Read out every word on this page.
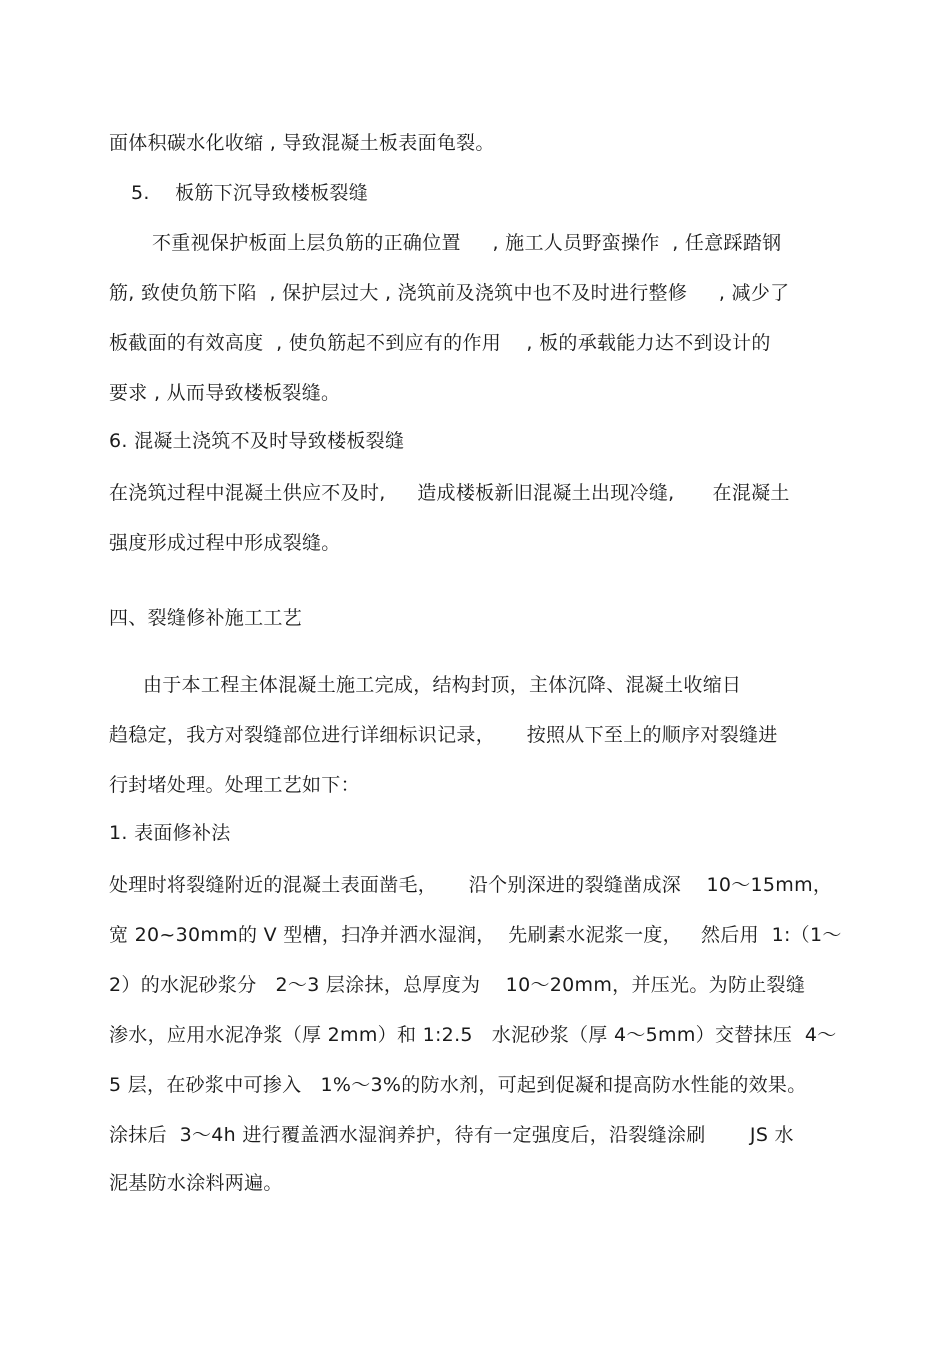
面体积碳水化收缩 , 导致混凝土板表面龟裂。
5.    板筋下沉导致楼板裂缝
不重视保护板面上层负筋的正确位置     , 施工人员野蛮操作  , 任意踩踏钢
筋, 致使负筋下陷  , 保护层过大 , 浇筑前及浇筑中也不及时进行整修     , 减少了
板截面的有效高度  , 使负筋起不到应有的作用    , 板的承载能力达不到设计的
要求 , 从而导致楼板裂缝。
6. 混凝土浇筑不及时导致楼板裂缝
在浇筑过程中混凝土供应不及时,     造成楼板新旧混凝土出现冷缝,      在混凝土
强度形成过程中形成裂缝。
四、裂缝修补施工工艺
由于本工程主体混凝土施工完成，结构封顶，主体沉降、混凝土收缩日
趋稳定，我方对裂缝部位进行详细标识记录，     按照从下至上的顺序对裂缝进
行封堵处理。处理工艺如下：
1. 表面修补法
处理时将裂缝附近的混凝土表面凿毛，     沿个别深进的裂缝凿成深    10～15mm，
宽 20~30mm的 V 型槽，扫净并洒水湿润，  先刷素水泥浆一度，   然后用  1:（1～
2）的水泥砂浆分   2～3 层涂抹，总厚度为    10～20mm，并压光。为防止裂缝
渗水，应用水泥净浆（厚 2mm）和 1:2.5   水泥砂浆（厚 4～5mm）交替抹压  4～
5 层，在砂浆中可掺入   1%～3%的防水剂，可起到促凝和提高防水性能的效果。
涂抹后  3～4h 进行覆盖洒水湿润养护，待有一定强度后，沿裂缝涂刷       JS 水
泥基防水涂料两遍。
